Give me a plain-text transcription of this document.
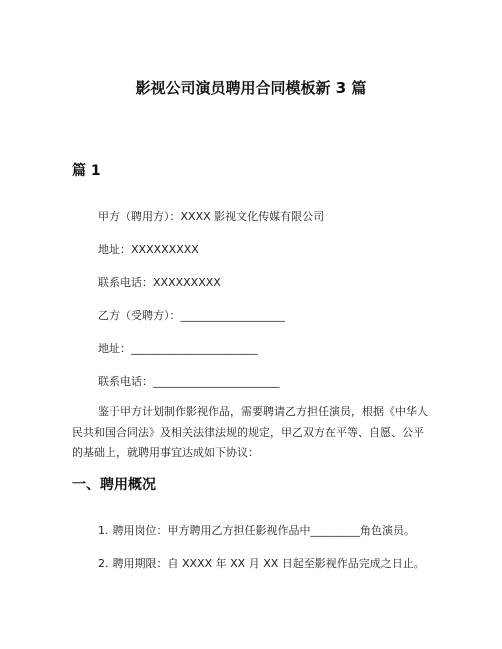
影视公司演员聘用合同模板新 3 篇
篇 1
甲方（聘用方）：XXXX 影视文化传媒有限公司
地址：XXXXXXXXX
联系电话：XXXXXXXXX
乙方（受聘方）：___________________
地址：_______________________
联系电话：_______________________
鉴于甲方计划制作影视作品，需要聘请乙方担任演员，根据《中华人民共和国合同法》及相关法律法规的规定，甲乙双方在平等、自愿、公平的基础上，就聘用事宜达成如下协议：
一、聘用概况
1. 聘用岗位：甲方聘用乙方担任影视作品中_________角色演员。
2. 聘用期限：自 XXXX 年 XX 月 XX 日起至影视作品完成之日止。
